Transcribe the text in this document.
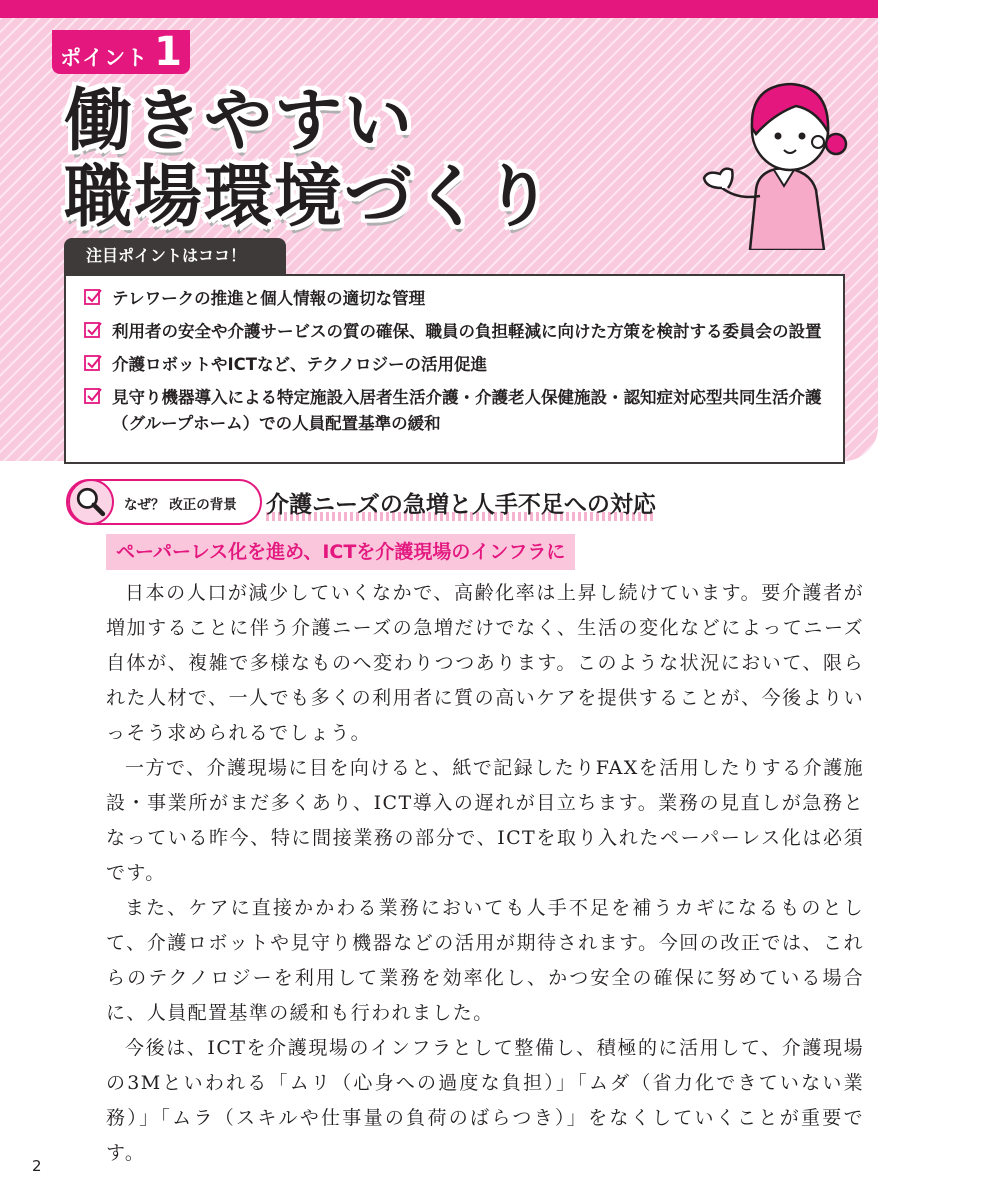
ポイント 1
働きやすい
職場環境づくり
注目ポイントはココ！
テレワークの推進と個人情報の適切な管理
利用者の安全や介護サービスの質の確保、職員の負担軽減に向けた方策を検討する委員会の設置
介護ロボットやICTなど、テクノロジーの活用促進
見守り機器導入による特定施設入居者生活介護・介護老人保健施設・認知症対応型共同生活介護（グループホーム）での人員配置基準の緩和
なぜ？ 改正の背景 介護ニーズの急増と人手不足への対応
ペーパーレス化を進め、ICTを介護現場のインフラに

日本の人口が減少していくなかで、高齢化率は上昇し続けています。要介護者が増加することに伴う介護ニーズの急増だけでなく、生活の変化などによってニーズ自体が、複雑で多様なものへ変わりつつあります。このような状況において、限られた人材で、一人でも多くの利用者に質の高いケアを提供することが、今後よりいっそう求められるでしょう。

一方で、介護現場に目を向けると、紙で記録したりFAXを活用したりする介護施設・事業所がまだ多くあり、ICT導入の遅れが目立ちます。業務の見直しが急務となっている昨今、特に間接業務の部分で、ICTを取り入れたペーパーレス化は必須です。

また、ケアに直接かかわる業務においても人手不足を補うカギになるものとして、介護ロボットや見守り機器などの活用が期待されます。今回の改正では、これらのテクノロジーを利用して業務を効率化し、かつ安全の確保に努めている場合に、人員配置基準の緩和も行われました。

今後は、ICTを介護現場のインフラとして整備し、積極的に活用して、介護現場の3Mといわれる「ムリ（心身への過度な負担）」「ムダ（省力化できていない業務）」「ムラ（スキルや仕事量の負荷のばらつき）」をなくしていくことが重要です。

2
